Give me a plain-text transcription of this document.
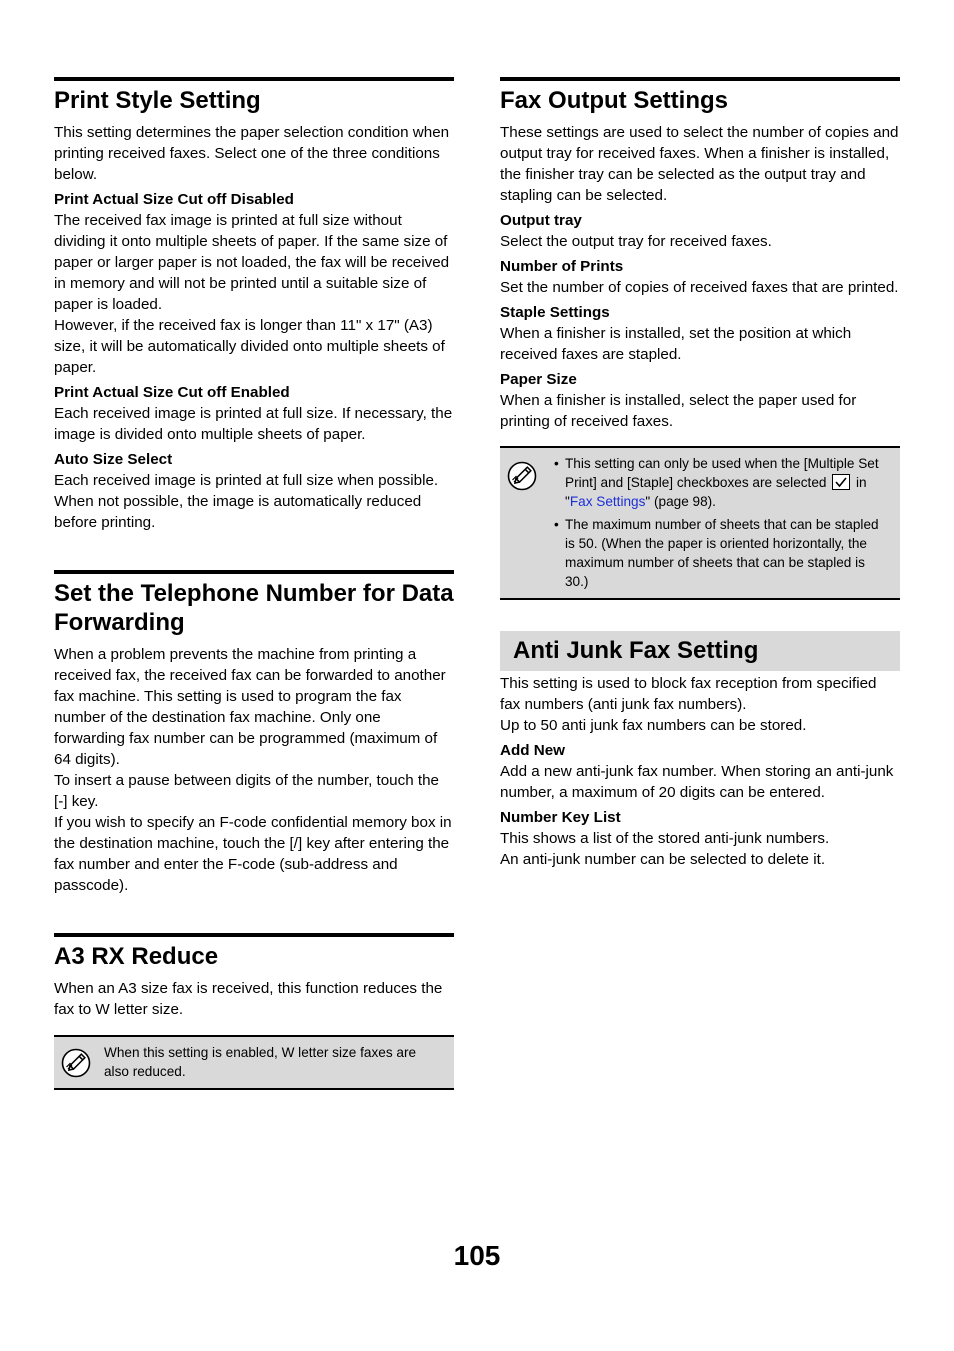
Print Style Setting

This setting determines the paper selection condition when printing received faxes. Select one of the three conditions below.

Print Actual Size Cut off Disabled

The received fax image is printed at full size without dividing it onto multiple sheets of paper. If the same size of paper or larger paper is not loaded, the fax will be received in memory and will not be printed until a suitable size of paper is loaded.

However, if the received fax is longer than 11" x 17" (A3) size, it will be automatically divided onto multiple sheets of paper.

Print Actual Size Cut off Enabled

Each received image is printed at full size. If necessary, the image is divided onto multiple sheets of paper.

Auto Size Select

Each received image is printed at full size when possible. When not possible, the image is automatically reduced before printing.

Set the Telephone Number for Data Forwarding

When a problem prevents the machine from printing a received fax, the received fax can be forwarded to another fax machine. This setting is used to program the fax number of the destination fax machine. Only one forwarding fax number can be programmed (maximum of 64 digits).

To insert a pause between digits of the number, touch the [-] key.

If you wish to specify an F-code confidential memory box in the destination machine, touch the [/] key after entering the fax number and enter the F-code (sub-address and passcode).

A3 RX Reduce

When an A3 size fax is received, this function reduces the fax to W letter size.

When this setting is enabled, W letter size faxes are also reduced.
Fax Output Settings

These settings are used to select the number of copies and output tray for received faxes. When a finisher is installed, the finisher tray can be selected as the output tray and stapling can be selected.

Output tray

Select the output tray for received faxes.

Number of Prints

Set the number of copies of received faxes that are printed.

Staple Settings

When a finisher is installed, set the position at which received faxes are stapled.

Paper Size

When a finisher is installed, select the paper used for printing of received faxes.

• This setting can only be used when the [Multiple Set Print] and [Staple] checkboxes are selected in "Fax Settings" (page 98).
• The maximum number of sheets that can be stapled is 50. (When the paper is oriented horizontally, the maximum number of sheets that can be stapled is 30.)
Anti Junk Fax Setting

This setting is used to block fax reception from specified fax numbers (anti junk fax numbers).

Up to 50 anti junk fax numbers can be stored.

Add New

Add a new anti-junk fax number. When storing an anti-junk number, a maximum of 20 digits can be entered.

Number Key List

This shows a list of the stored anti-junk numbers.

An anti-junk number can be selected to delete it.

105
